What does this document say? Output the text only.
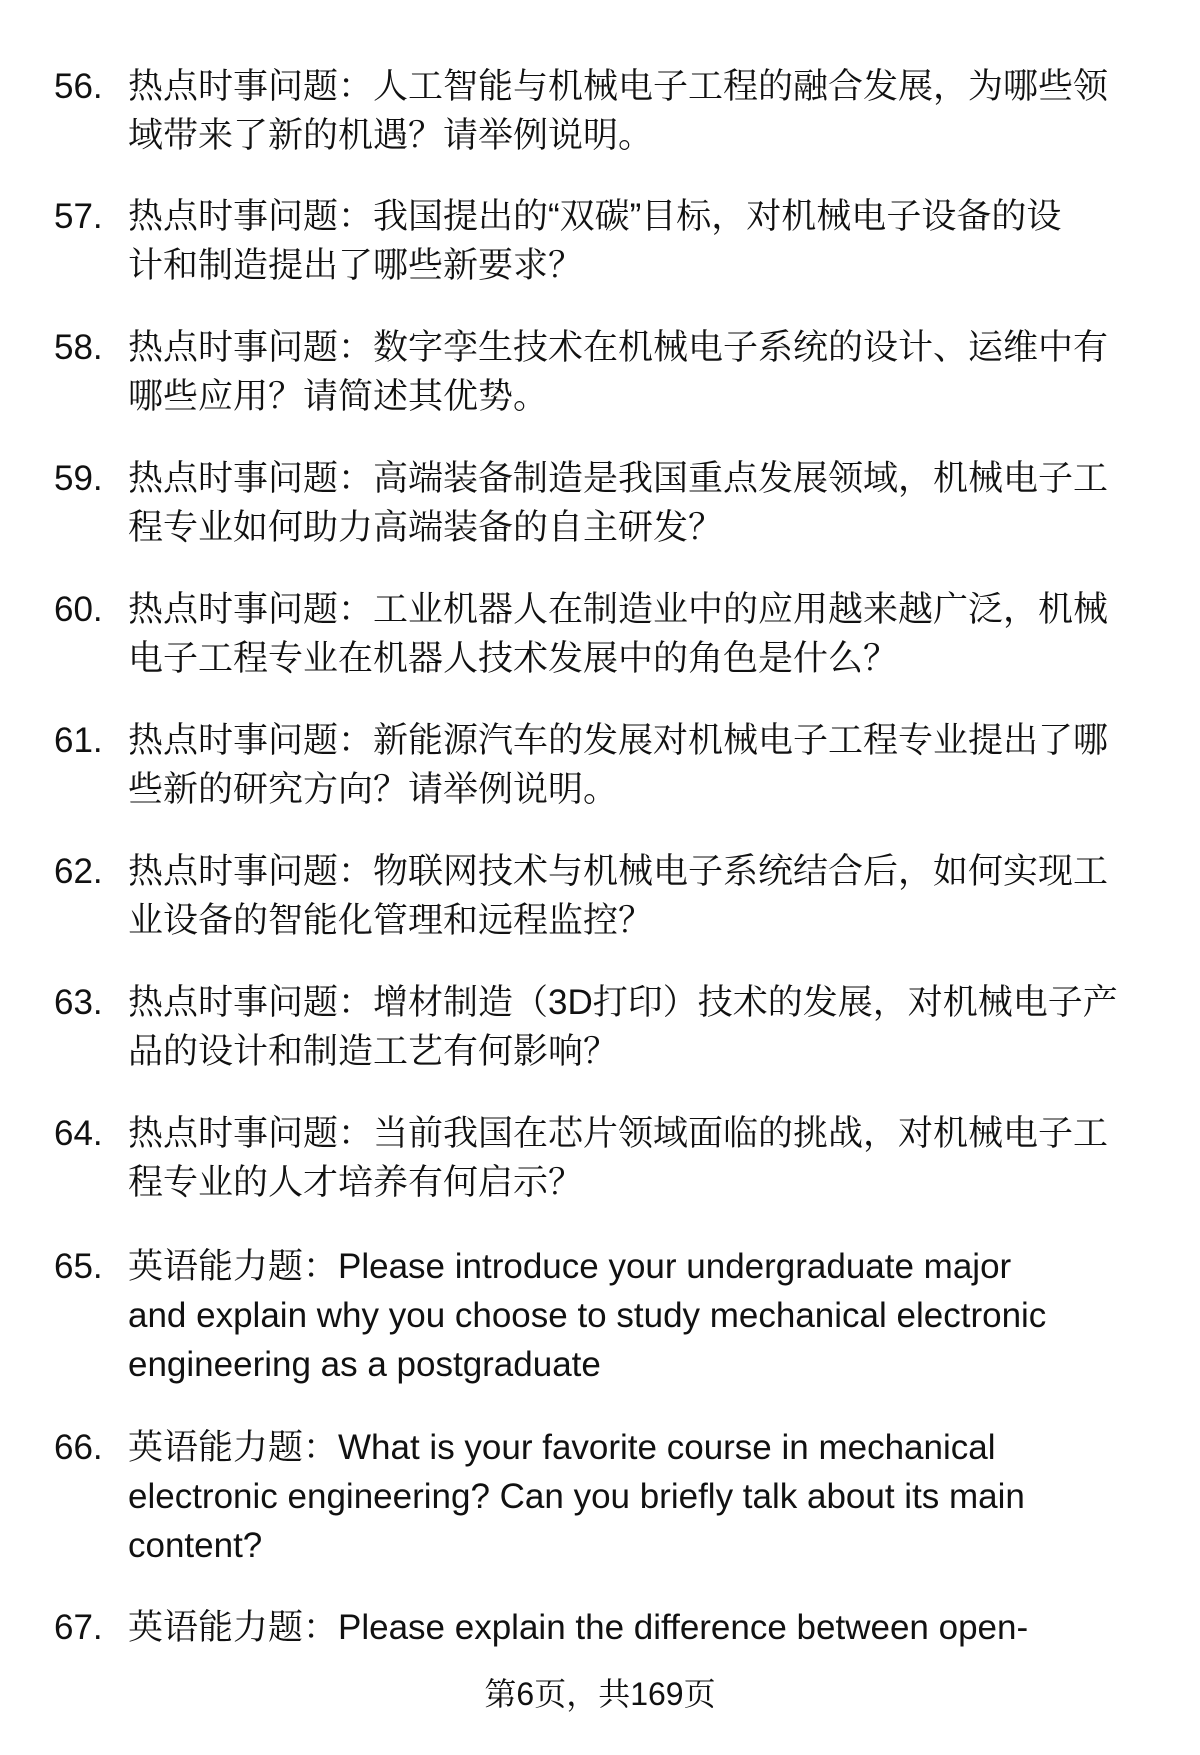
56. 热点时事问题：人工智能与机械电子工程的融合发展，为哪些领
域带来了新的机遇？请举例说明。
57. 热点时事问题：我国提出的“双碳”目标，对机械电子设备的设
计和制造提出了哪些新要求？
58. 热点时事问题：数字孪生技术在机械电子系统的设计、运维中有
哪些应用？请简述其优势。
59. 热点时事问题：高端装备制造是我国重点发展领域，机械电子工
程专业如何助力高端装备的自主研发？
60. 热点时事问题：工业机器人在制造业中的应用越来越广泛，机械
电子工程专业在机器人技术发展中的角色是什么？
61. 热点时事问题：新能源汽车的发展对机械电子工程专业提出了哪
些新的研究方向？请举例说明。
62. 热点时事问题：物联网技术与机械电子系统结合后，如何实现工
业设备的智能化管理和远程监控？
63. 热点时事问题：增材制造（3D打印）技术的发展，对机械电子产
品的设计和制造工艺有何影响？
64. 热点时事问题：当前我国在芯片领域面临的挑战，对机械电子工
程专业的人才培养有何启示？
65. 英语能力题：Please introduce your undergraduate major
and explain why you choose to study mechanical electronic
engineering as a postgraduate
66. 英语能力题：What is your favorite course in mechanical
electronic engineering? Can you briefly talk about its main
content?
67. 英语能力题：Please explain the difference between open-
第6页，共169页
